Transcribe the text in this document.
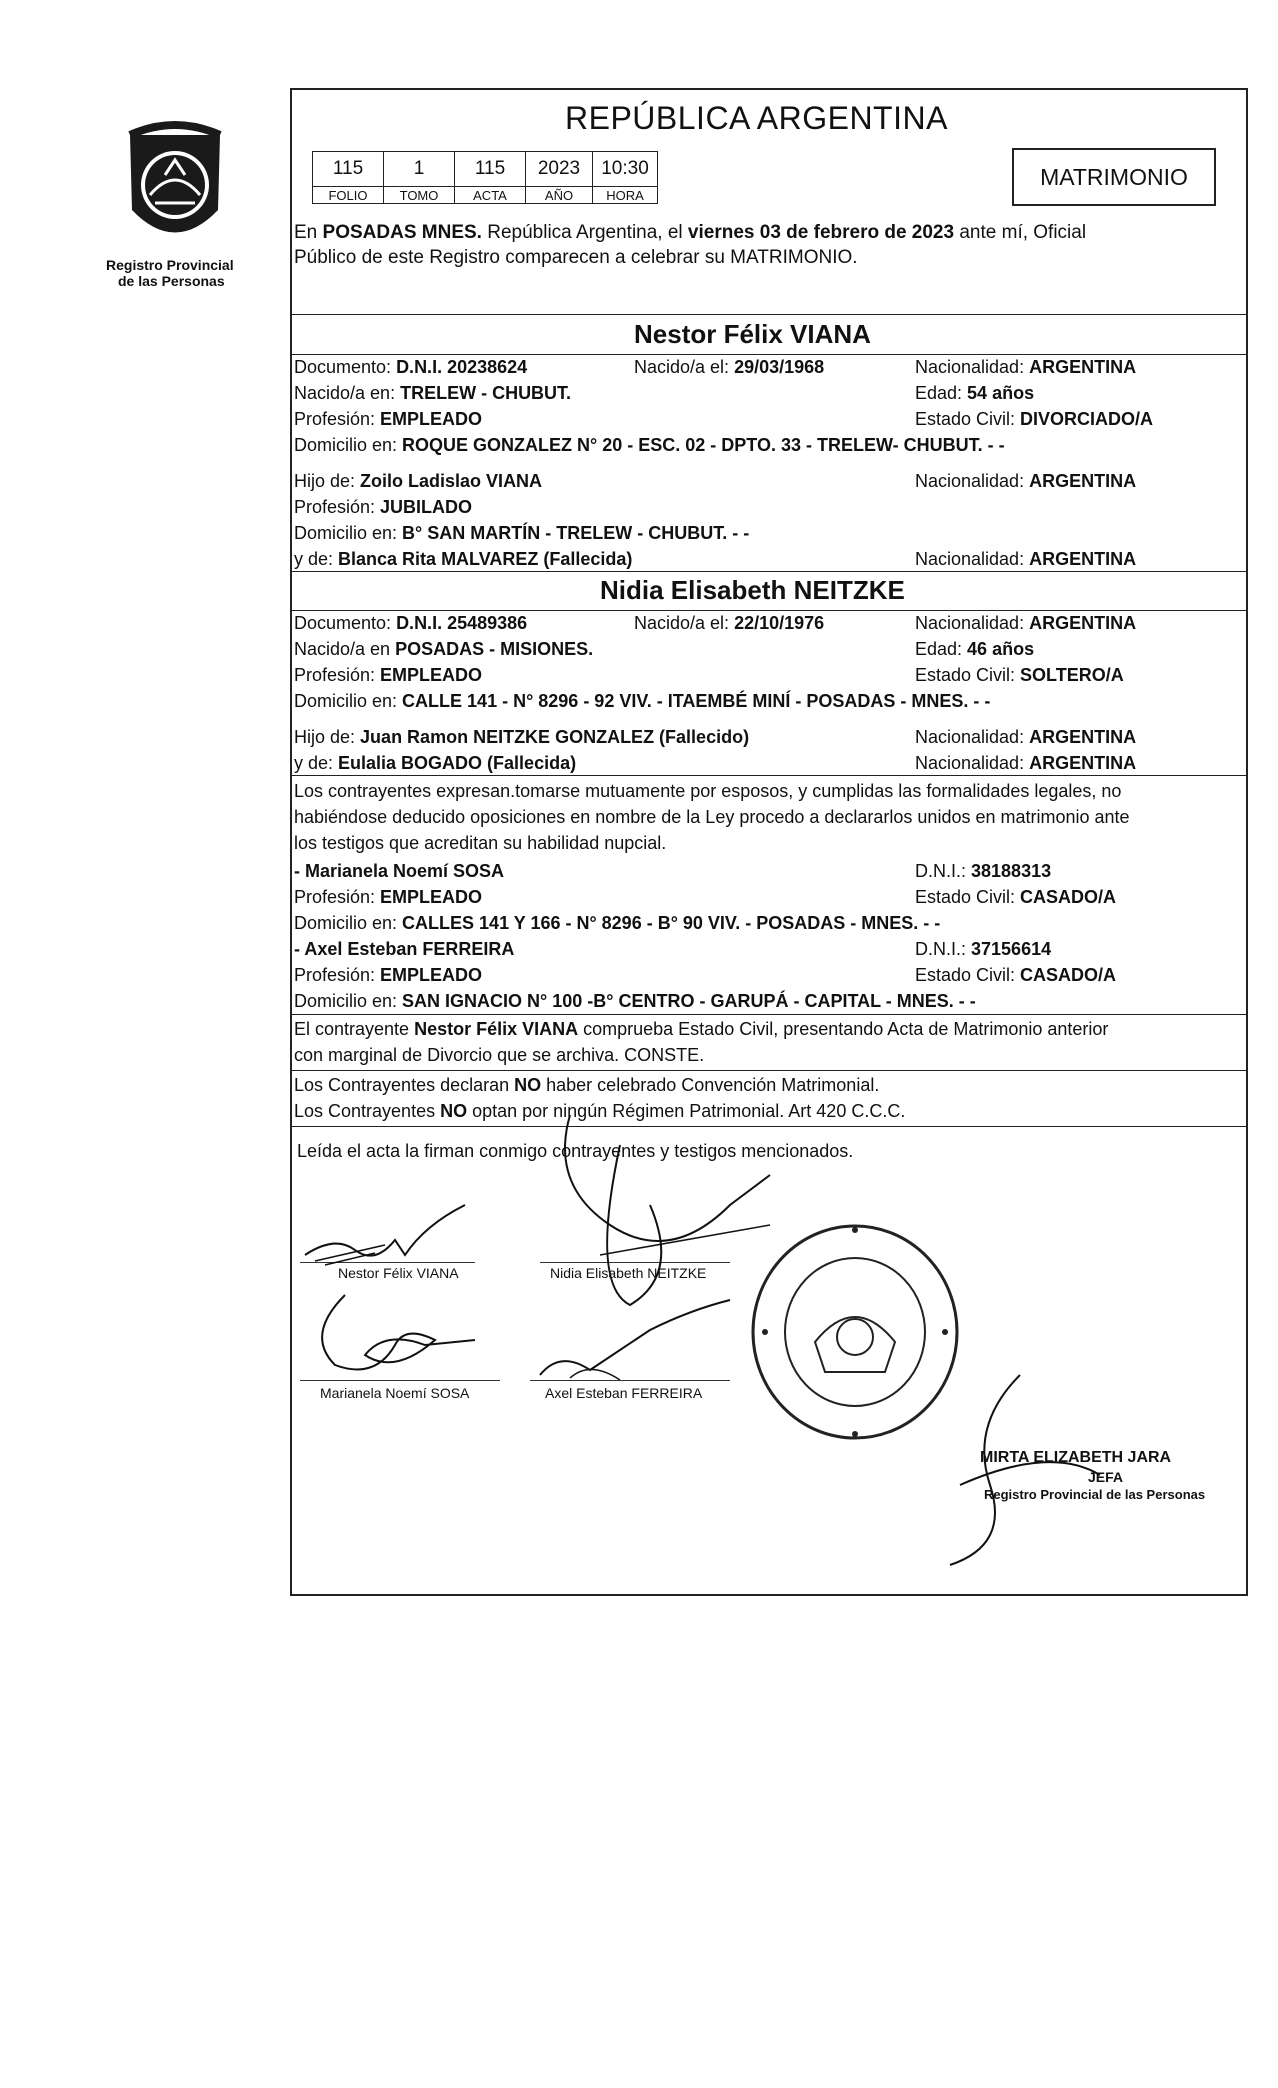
Registro Provincial
de las Personas
REPÚBLICA ARGENTINA
115	1	115	2023	10:30
FOLIO	TOMO	ACTA	AÑO	HORA
MATRIMONIO
En POSADAS MNES. República Argentina, el viernes 03 de febrero de 2023 ante mí, Oficial
Público de este Registro comparecen a celebrar su MATRIMONIO.
Nestor Félix VIANA
Documento: D.N.I. 20238624	Nacido/a el: 29/03/1968	Nacionalidad: ARGENTINA
Nacido/a en: TRELEW - CHUBUT.	Edad: 54 años
Profesión: EMPLEADO	Estado Civil: DIVORCIADO/A
Domicilio en: ROQUE GONZALEZ N° 20 - ESC. 02 - DPTO. 33 - TRELEW- CHUBUT. - -
Hijo de: Zoilo Ladislao VIANA	Nacionalidad: ARGENTINA
Profesión: JUBILADO
Domicilio en: B° SAN MARTÍN - TRELEW - CHUBUT. - -
y de: Blanca Rita MALVAREZ (Fallecida)	Nacionalidad: ARGENTINA
Nidia Elisabeth NEITZKE
Documento: D.N.I. 25489386	Nacido/a el: 22/10/1976	Nacionalidad: ARGENTINA
Nacido/a en POSADAS - MISIONES.	Edad: 46 años
Profesión: EMPLEADO	Estado Civil: SOLTERO/A
Domicilio en: CALLE 141 - N° 8296 - 92 VIV. - ITAEMBÉ MINÍ - POSADAS - MNES. - -
Hijo de: Juan Ramon NEITZKE GONZALEZ (Fallecido)	Nacionalidad: ARGENTINA
y de: Eulalia BOGADO (Fallecida)	Nacionalidad: ARGENTINA
Los contrayentes expresan.tomarse mutuamente por esposos, y cumplidas las formalidades legales, no
habiéndose deducido oposiciones en nombre de la Ley procedo a declararlos unidos en matrimonio ante
los testigos que acreditan su habilidad nupcial.
- Marianela Noemí SOSA	D.N.I.: 38188313
Profesión: EMPLEADO	Estado Civil: CASADO/A
Domicilio en: CALLES 141 Y 166 - N° 8296 - B° 90 VIV. - POSADAS - MNES. - -
- Axel Esteban FERREIRA	D.N.I.: 37156614
Profesión: EMPLEADO	Estado Civil: CASADO/A
Domicilio en: SAN IGNACIO N° 100 -B° CENTRO - GARUPÁ - CAPITAL - MNES. - -
El contrayente Nestor Félix VIANA comprueba Estado Civil, presentando Acta de Matrimonio anterior
con marginal de Divorcio que se archiva. CONSTE.
Los Contrayentes declaran NO haber celebrado Convención Matrimonial.
Los Contrayentes NO optan por ningún Régimen Patrimonial. Art 420 C.C.C.
Leída el acta la firman conmigo contrayentes y testigos mencionados.
Nestor Félix VIANA	Nidia Elisabeth NEITZKE
Marianela Noemí SOSA	Axel Esteban FERREIRA
MIRTA ELIZABETH JARA
JEFA
Registro Provincial de las Personas
